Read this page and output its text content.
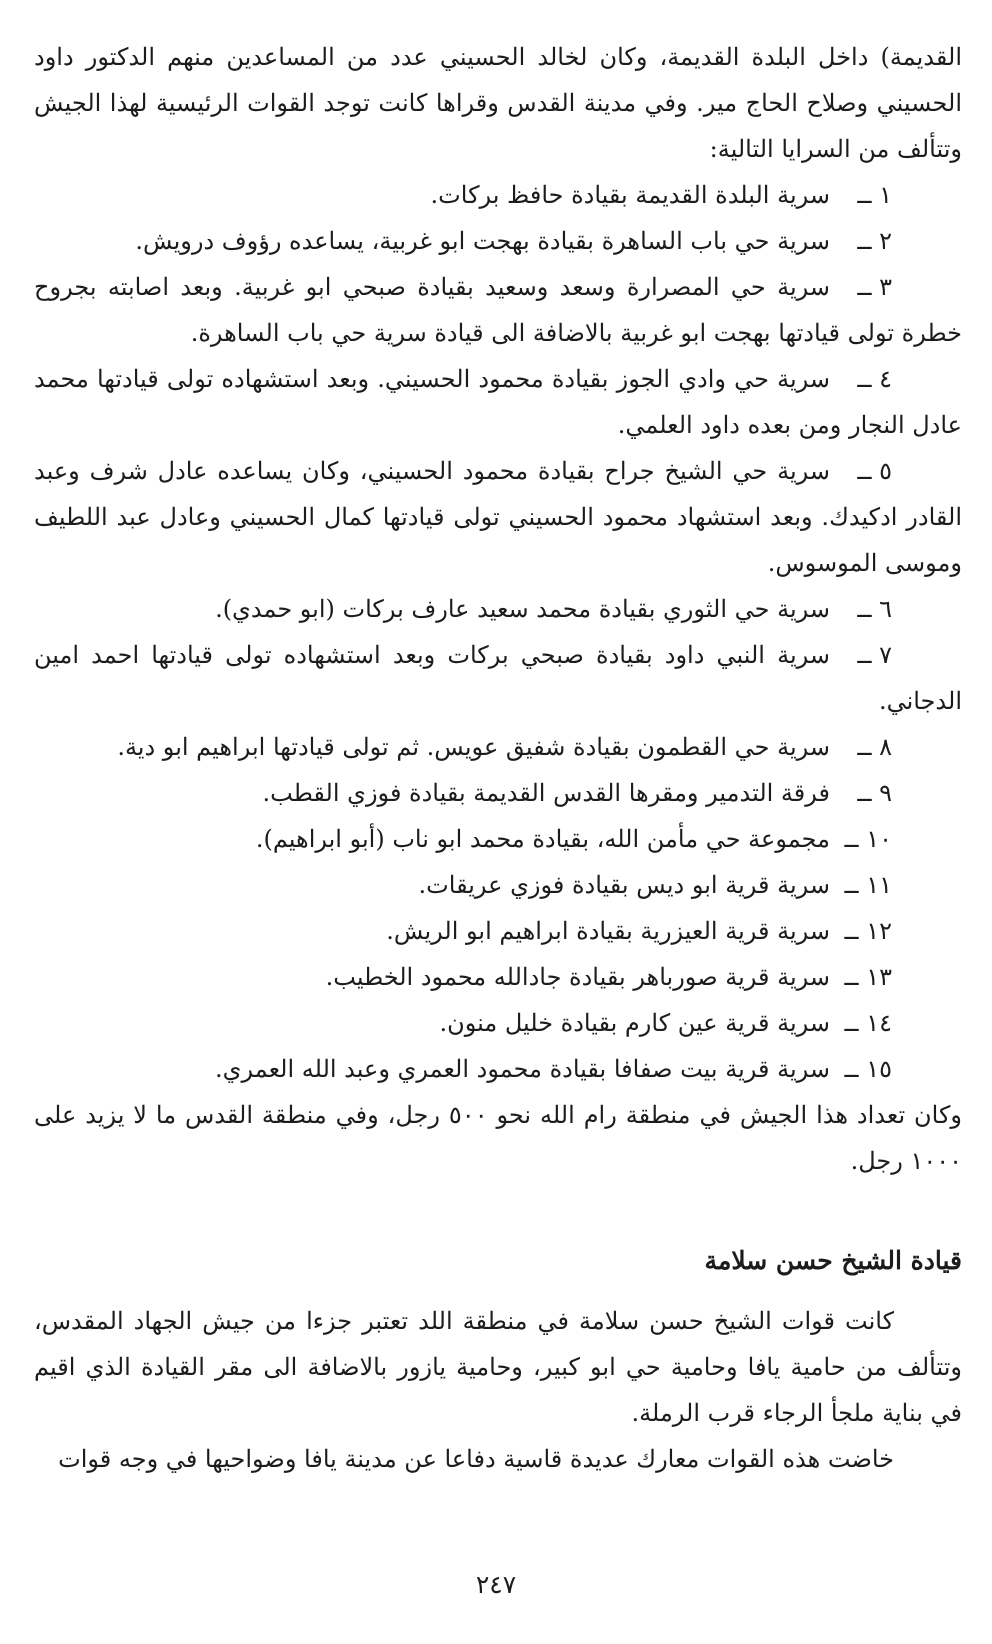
القديمة) داخل البلدة القديمة، وكان لخالد الحسيني عدد من المساعدين منهم الدكتور داود الحسيني وصلاح الحاج مير. وفي مدينة القدس وقراها كانت توجد القوات الرئيسية لهذا الجيش وتتألف من السرايا التالية:

١ ــسرية البلدة القديمة بقيادة حافظ بركات.
٢ ــسرية حي باب الساهرة بقيادة بهجت ابو غربية، يساعده رؤوف درويش.
٣ ــسرية حي المصرارة وسعد وسعيد بقيادة صبحي ابو غربية. وبعد اصابته بجروح خطرة تولى قيادتها بهجت ابو غربية بالاضافة الى قيادة سرية حي باب الساهرة.
٤ ــسرية حي وادي الجوز بقيادة محمود الحسيني. وبعد استشهاده تولى قيادتها محمد عادل النجار ومن بعده داود العلمي.
٥ ــسرية حي الشيخ جراح بقيادة محمود الحسيني، وكان يساعده عادل شرف وعبد القادر ادكيدك. وبعد استشهاد محمود الحسيني تولى قيادتها كمال الحسيني وعادل عبد اللطيف وموسى الموسوس.
٦ ــسرية حي الثوري بقيادة محمد سعيد عارف بركات (ابو حمدي).
٧ ــسرية النبي داود بقيادة صبحي بركات وبعد استشهاده تولى قيادتها احمد امين الدجاني.
٨ ــسرية حي القطمون بقيادة شفيق عويس. ثم تولى قيادتها ابراهيم ابو دية.
٩ ــفرقة التدمير ومقرها القدس القديمة بقيادة فوزي القطب.
١٠ ــمجموعة حي مأمن الله، بقيادة محمد ابو ناب (أبو ابراهيم).
١١ ــسرية قرية ابو ديس بقيادة فوزي عريقات.
١٢ ــسرية قرية العيزرية بقيادة ابراهيم ابو الريش.
١٣ ــسرية قرية صورباهر بقيادة جادالله محمود الخطيب.
١٤ ــسرية قرية عين كارم بقيادة خليل منون.
١٥ ــسرية قرية بيت صفافا بقيادة محمود العمري وعبد الله العمري.

وكان تعداد هذا الجيش في منطقة رام الله نحو ٥٠٠ رجل، وفي منطقة القدس ما لا يزيد على ١٠٠٠ رجل.

قيادة الشيخ حسن سلامة

كانت قوات الشيخ حسن سلامة في منطقة اللد تعتبر جزءا من جيش الجهاد المقدس، وتتألف من حامية يافا وحامية حي ابو كبير، وحامية يازور بالاضافة الى مقر القيادة الذي اقيم في بناية ملجأ الرجاء قرب الرملة.

خاضت هذه القوات معارك عديدة قاسية دفاعا عن مدينة يافا وضواحيها في وجه قوات

٢٤٧
